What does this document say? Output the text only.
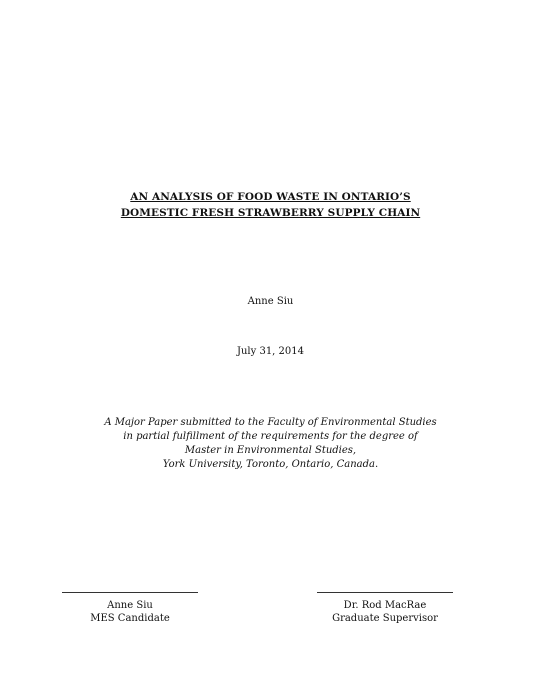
AN ANALYSIS OF FOOD WASTE IN ONTARIO’S
DOMESTIC FRESH STRAWBERRY SUPPLY CHAIN
Anne Siu
July 31, 2014
A Major Paper submitted to the Faculty of Environmental Studies
in partial fulfillment of the requirements for the degree of
Master in Environmental Studies,
York University, Toronto, Ontario, Canada.
Anne Siu
MES Candidate
Dr. Rod MacRae
Graduate Supervisor
